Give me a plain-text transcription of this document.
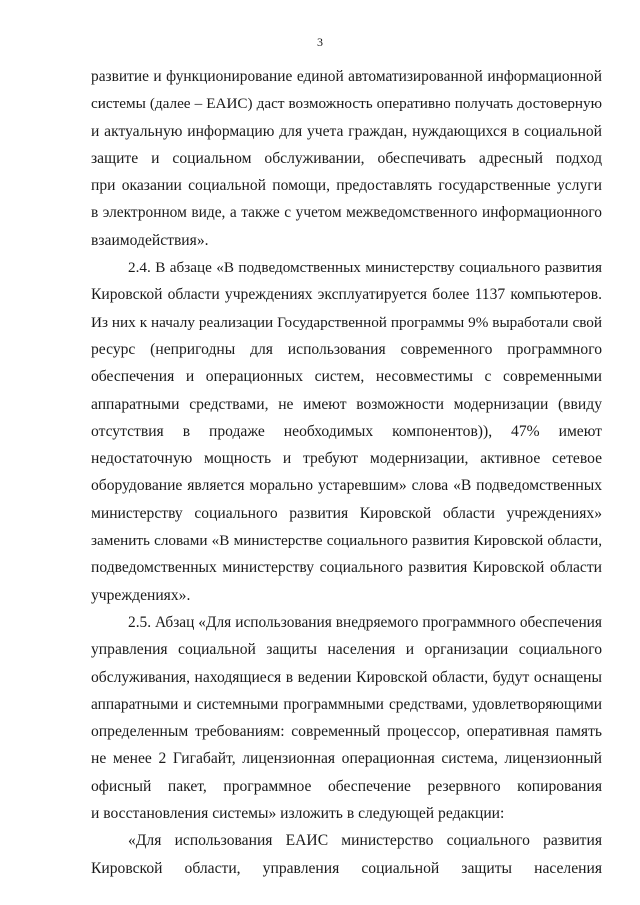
3
развитие и функционирование единой автоматизированной информационной
системы (далее – ЕАИС) даст возможность оперативно получать достоверную
и актуальную информацию для учета граждан, нуждающихся в социальной
защите и социальном обслуживании, обеспечивать адресный подход
при оказании социальной помощи, предоставлять государственные услуги
в электронном виде, а также с учетом межведомственного информационного
взаимодействия».
2.4. В абзаце «В подведомственных министерству социального развития
Кировской области учреждениях эксплуатируется более 1137 компьютеров.
Из них к началу реализации Государственной программы 9% выработали свой
ресурс (непригодны для использования современного программного
обеспечения и операционных систем, несовместимы с современными
аппаратными средствами, не имеют возможности модернизации (ввиду
отсутствия в продаже необходимых компонентов)), 47% имеют
недостаточную мощность и требуют модернизации, активное сетевое
оборудование является морально устаревшим» слова «В подведомственных
министерству социального развития Кировской области учреждениях»
заменить словами «В министерстве социального развития Кировской области,
подведомственных министерству социального развития Кировской области
учреждениях».
2.5. Абзац «Для использования внедряемого программного обеспечения
управления социальной защиты населения и организации социального
обслуживания, находящиеся в ведении Кировской области, будут оснащены
аппаратными и системными программными средствами, удовлетворяющими
определенным требованиям: современный процессор, оперативная память
не менее 2 Гигабайт, лицензионная операционная система, лицензионный
офисный пакет, программное обеспечение резервного копирования
и восстановления системы» изложить в следующей редакции:
«Для использования ЕАИС министерство социального развития
Кировской области, управления социальной защиты населения
